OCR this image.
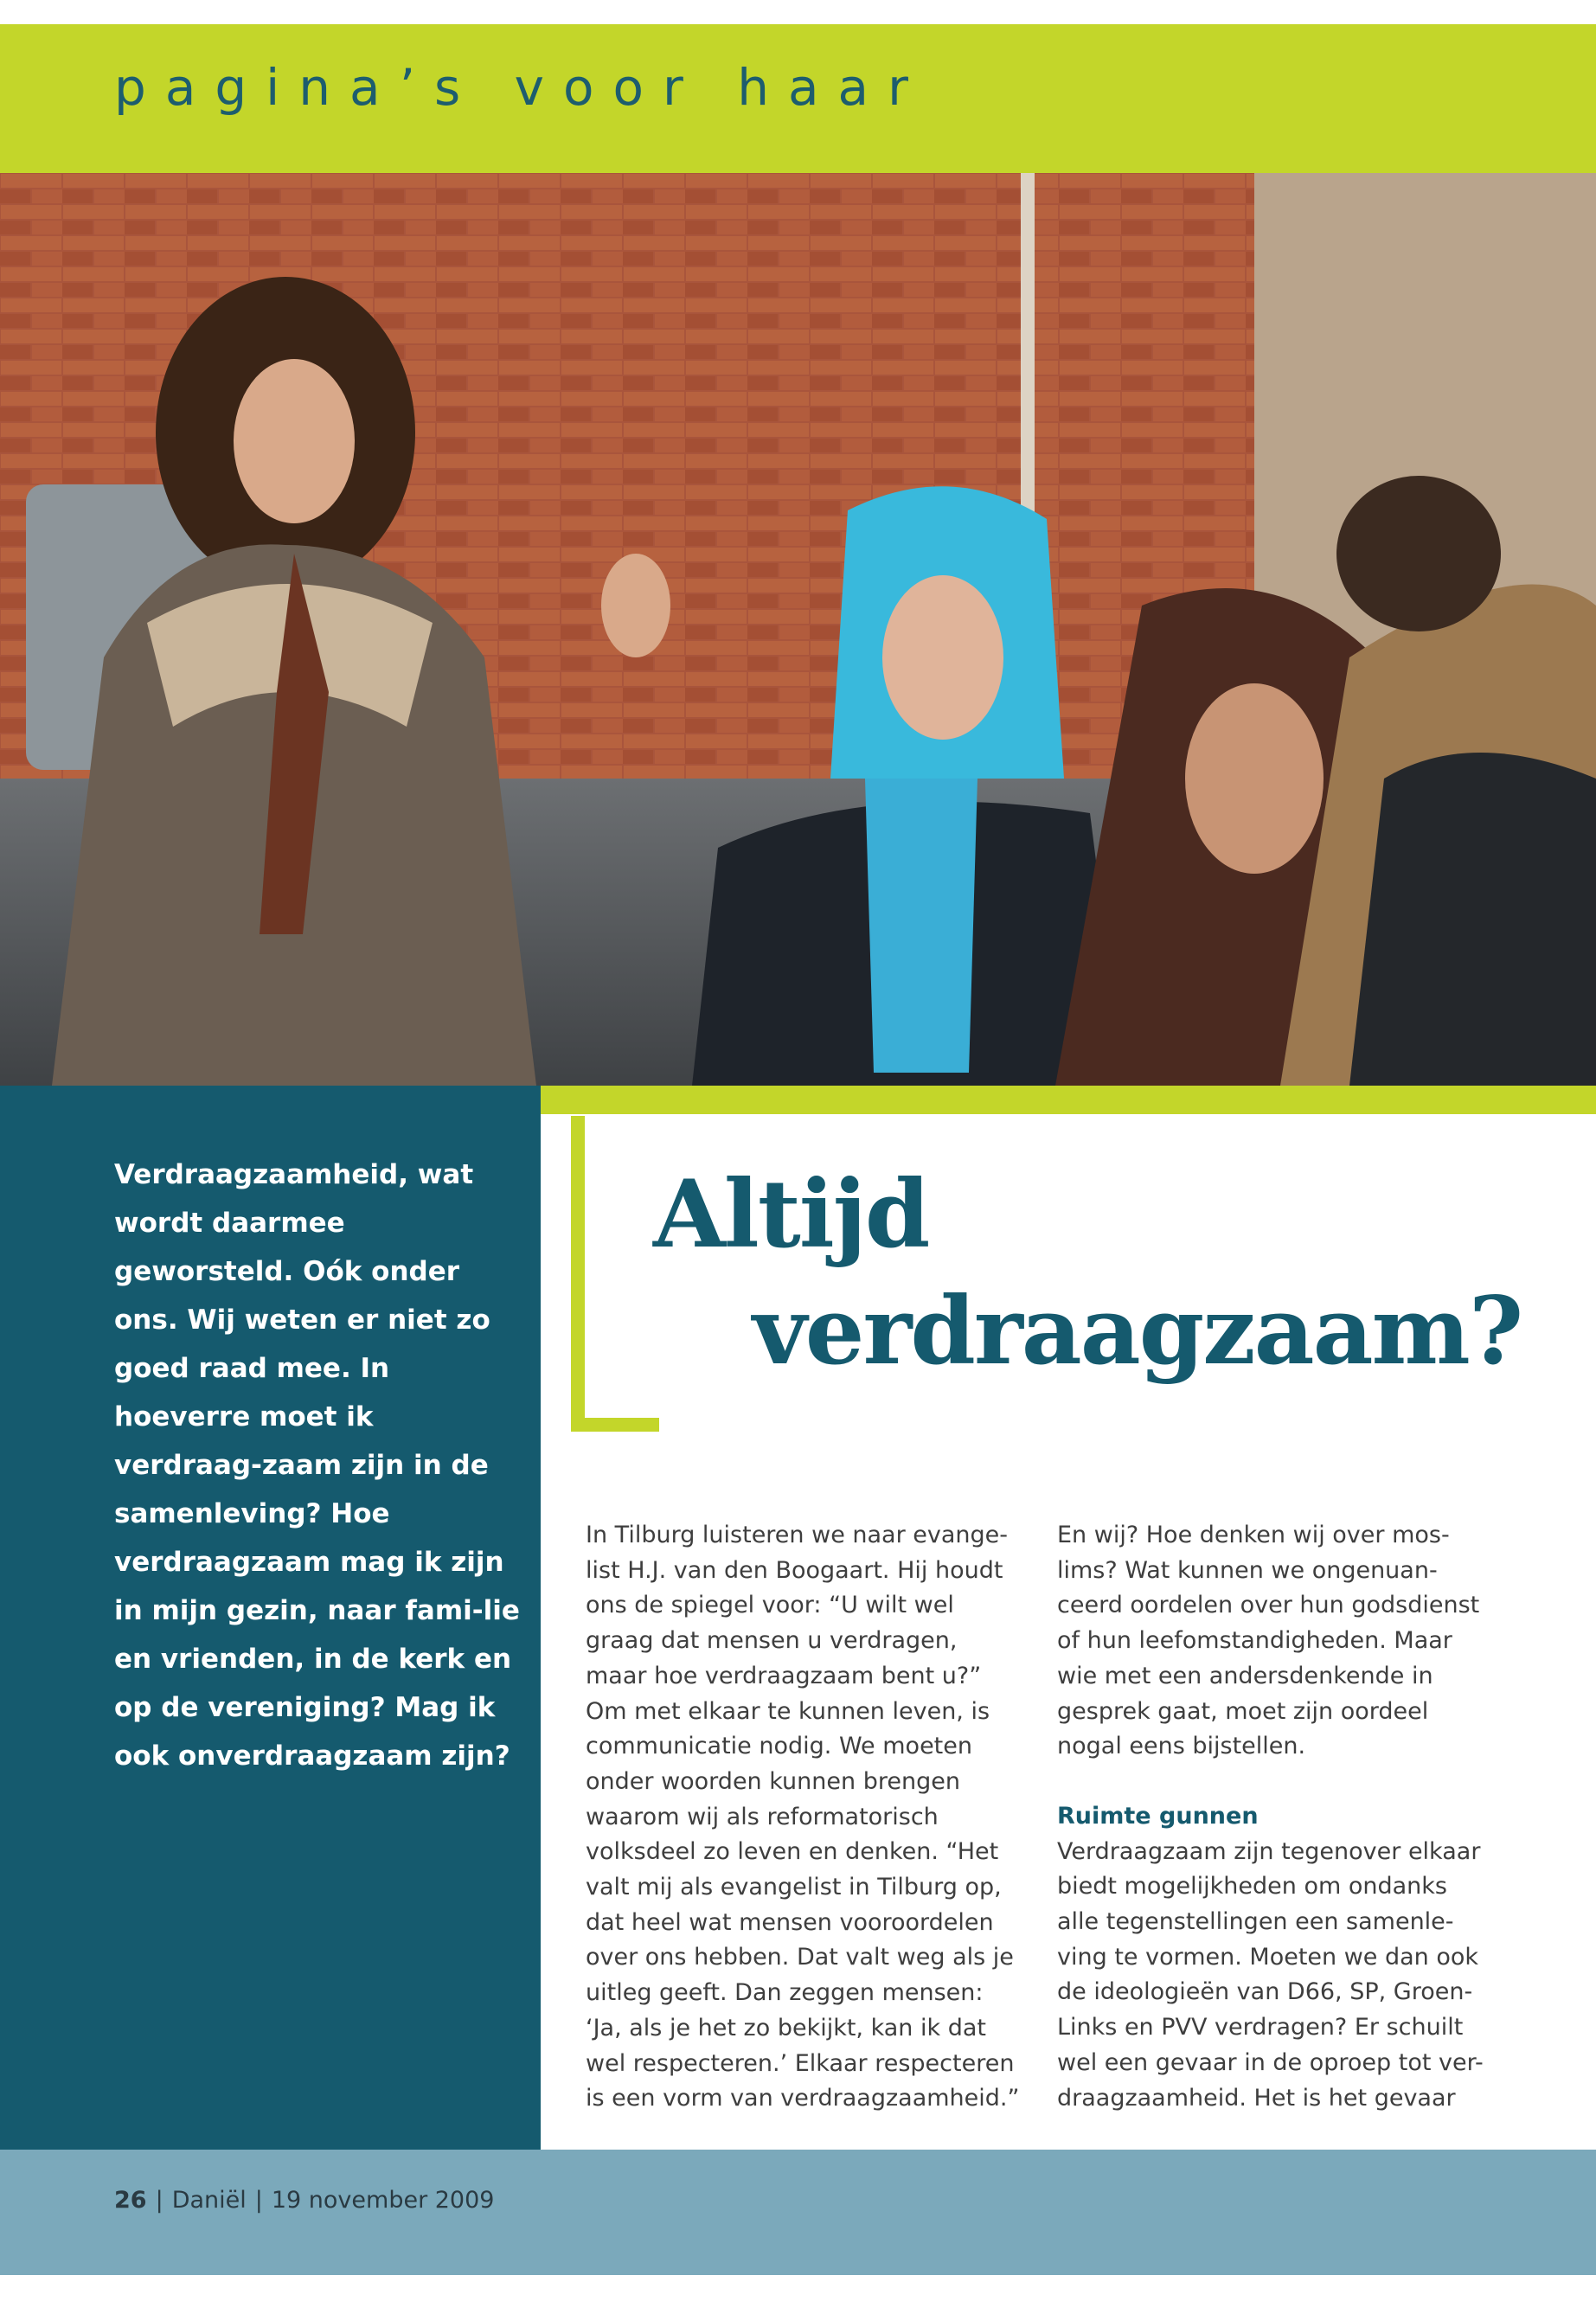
pagina’s voor haar

Verdraagzaamheid, wat wordt daarmee geworsteld. Oók onder ons. Wij weten er niet zo goed raad mee. In hoeverre moet ik verdraag-zaam zijn in de samenleving? Hoe verdraagzaam mag ik zijn in mijn gezin, naar fami-lie en vrienden, in de kerk en op de vereniging? Mag ik ook onverdraagzaam zijn?

Altijd
verdraagzaam?

In Tilburg luisteren we naar evange-
list H.J. van den Boogaart. Hij houdt
ons de spiegel voor: “U wilt wel
graag dat mensen u verdragen,
maar hoe verdraagzaam bent u?”
Om met elkaar te kunnen leven, is
communicatie nodig. We moeten
onder woorden kunnen brengen
waarom wij als reformatorisch
volksdeel zo leven en denken. “Het
valt mij als evangelist in Tilburg op,
dat heel wat mensen vooroordelen
over ons hebben. Dat valt weg als je
uitleg geeft. Dan zeggen mensen:
‘Ja, als je het zo bekijkt, kan ik dat
wel respecteren.’ Elkaar respecteren
is een vorm van verdraagzaamheid.”

En wij? Hoe denken wij over mos-
lims? Wat kunnen we ongenuan-
ceerd oordelen over hun godsdienst
of hun leefomstandigheden. Maar
wie met een andersdenkende in
gesprek gaat, moet zijn oordeel
nogal eens bijstellen.

Ruimte gunnen

Verdraagzaam zijn tegenover elkaar
biedt mogelijkheden om ondanks
alle tegenstellingen een samenle-
ving te vormen. Moeten we dan ook
de ideologieën van D66, SP, Groen-
Links en PVV verdragen? Er schuilt
wel een gevaar in de oproep tot ver-
draagzaamheid. Het is het gevaar

26 | Daniël | 19 november 2009
